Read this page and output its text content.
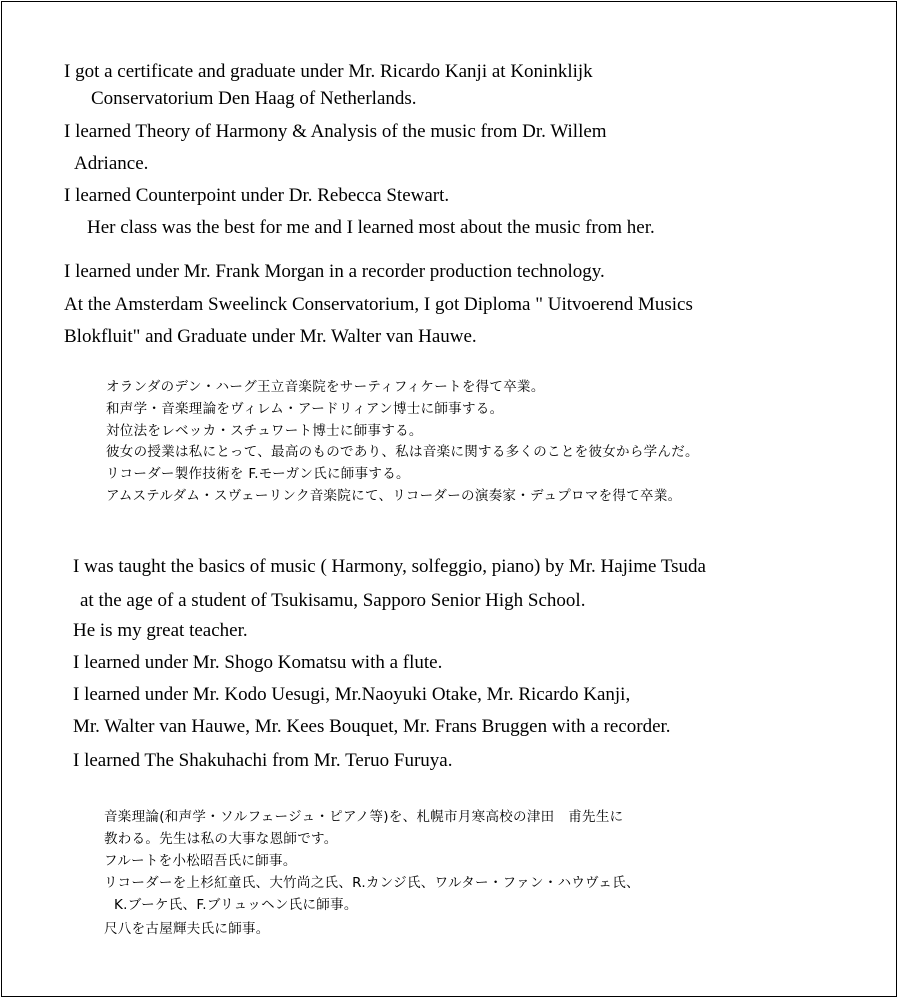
I got a certificate and graduate under Mr. Ricardo Kanji at Koninklijk
Conservatorium Den Haag of Netherlands.
I learned Theory of Harmony & Analysis of the music from Dr. Willem
Adriance.
I learned Counterpoint under Dr. Rebecca Stewart.
Her class was the best for me and I learned most about the music from her.
I learned under Mr. Frank Morgan in a recorder production technology.
At the Amsterdam Sweelinck Conservatorium, I got Diploma " Uitvoerend Musics
Blokfluit" and Graduate under Mr. Walter van Hauwe.
オランダのデン・ハーグ王立音楽院をサーティフィケートを得て卒業。
和声学・音楽理論をヴィレム・アードリィアン博士に師事する。
対位法をレベッカ・スチュワート博士に師事する。
彼女の授業は私にとって、最高のものであり、私は音楽に関する多くのことを彼女から学んだ。
リコーダー製作技術を F.モーガン氏に師事する。
アムステルダム・スヴェーリンク音楽院にて、リコーダーの演奏家・デュプロマを得て卒業。
I was taught the basics of music ( Harmony, solfeggio, piano) by Mr. Hajime Tsuda
at the age of a student of Tsukisamu, Sapporo Senior High School.
He is my great teacher.
I learned under Mr. Shogo Komatsu with a flute.
I learned under Mr. Kodo Uesugi, Mr.Naoyuki Otake, Mr. Ricardo Kanji,
Mr. Walter van Hauwe, Mr. Kees Bouquet, Mr. Frans Bruggen with a recorder.
I learned The Shakuhachi from Mr. Teruo Furuya.
音楽理論(和声学・ソルフェージュ・ピアノ等)を、札幌市月寒高校の津田　甫先生に
教わる。先生は私の大事な恩師です。
フルートを小松昭吾氏に師事。
リコーダーを上杉紅童氏、大竹尚之氏、R.カンジ氏、ワルター・ファン・ハウヴェ氏、
K.ブーケ氏、F.ブリュッヘン氏に師事。
尺八を古屋輝夫氏に師事。
